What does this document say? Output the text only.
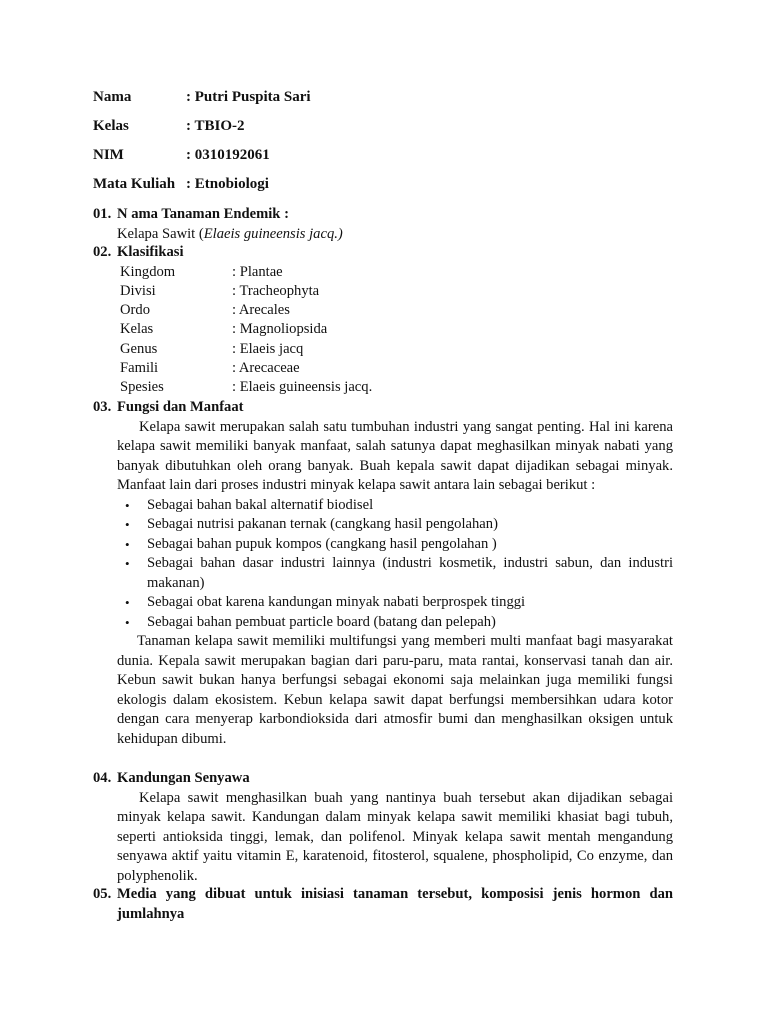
Nama	: Putri Puspita Sari
Kelas	: TBIO-2
NIM	: 0310192061
Mata Kuliah : Etnobiologi
01. N ama Tanaman Endemik :
Kelapa Sawit (Elaeis guineensis jacq.)
02. Klasifikasi
Kingdom	: Plantae
Divisi	: Tracheophyta
Ordo	: Arecales
Kelas	: Magnoliopsida
Genus	: Elaeis jacq
Famili	: Arecaceae
Spesies	: Elaeis guineensis jacq.
03. Fungsi dan Manfaat
Kelapa sawit merupakan salah satu tumbuhan industri yang sangat penting. Hal ini karena kelapa sawit memiliki banyak manfaat, salah satunya dapat meghasilkan minyak nabati yang banyak dibutuhkan oleh orang banyak. Buah kepala sawit dapat dijadikan sebagai minyak. Manfaat lain dari proses industri minyak kelapa sawit antara lain sebagai berikut :
• Sebagai bahan bakal alternatif biodisel
• Sebagai nutrisi pakanan ternak (cangkang hasil pengolahan)
• Sebagai bahan pupuk kompos (cangkang hasil pengolahan )
• Sebagai bahan dasar industri lainnya (industri kosmetik, industri sabun, dan industri makanan)
• Sebagai obat karena kandungan minyak nabati berprospek tinggi
• Sebagai bahan pembuat particle board (batang dan pelepah)
Tanaman kelapa sawit memiliki multifungsi yang memberi multi manfaat bagi masyarakat dunia. Kepala sawit merupakan bagian dari paru-paru, mata rantai, konservasi tanah dan air. Kebun sawit bukan hanya berfungsi sebagai ekonomi saja melainkan juga memiliki fungsi ekologis dalam ekosistem. Kebun kelapa sawit dapat berfungsi membersihkan udara kotor dengan cara menyerap karbondioksida dari atmosfir bumi dan menghasilkan oksigen untuk kehidupan dibumi.
04. Kandungan Senyawa
Kelapa sawit menghasilkan buah yang nantinya buah tersebut akan dijadikan sebagai minyak kelapa sawit. Kandungan dalam minyak kelapa sawit memiliki khasiat bagi tubuh, seperti antioksida tinggi, lemak, dan polifenol. Minyak kelapa sawit mentah mengandung senyawa aktif yaitu vitamin E, karatenoid, fitosterol, squalene, phospholipid, Co enzyme, dan polyphenolik.
05. Media yang dibuat untuk inisiasi tanaman tersebut, komposisi jenis hormon dan jumlahnya
